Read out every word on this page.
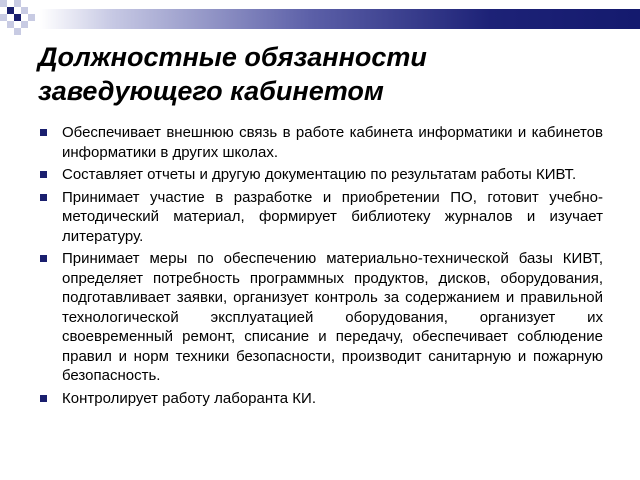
Должностные обязанности
заведующего кабинетом
Обеспечивает внешнюю связь в работе кабинета информатики и кабинетов информатики в других школах.
Составляет отчеты и другую документацию по результатам работы КИВТ.
Принимает участие в разработке и приобретении ПО, готовит учебно-методический материал, формирует библиотеку журналов и изучает литературу.
Принимает меры по обеспечению материально-технической базы КИВТ, определяет потребность программных продуктов, дисков, оборудования, подготавливает заявки, организует контроль за содержанием и правильной технологической эксплуатацией оборудования, организует их своевременный ремонт, списание и передачу, обеспечивает соблюдение правил и норм техники безопасности, производит санитарную и пожарную безопасность.
Контролирует работу лаборанта КИ.
